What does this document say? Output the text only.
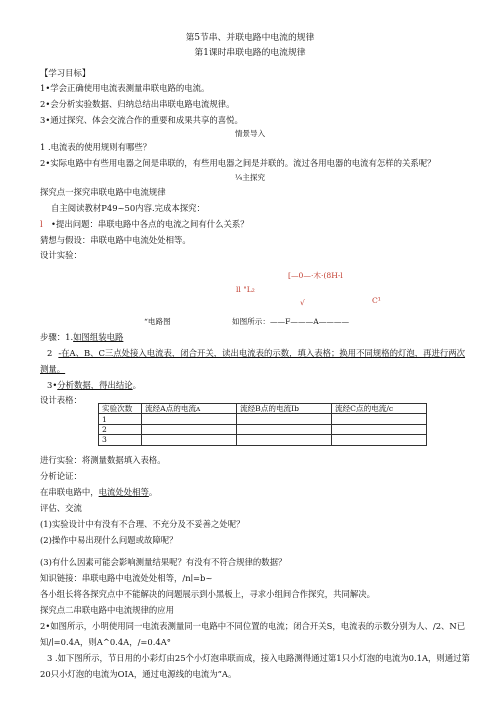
第5节串、并联电路中电流的规律
第1课时串联电路的电流规律
【学习目标】
1•学会正确使用电流表测量串联电路的电流。
2•会分析实验数据、归纳总结出串联电路电流规律。
3•通过探究、体会交流合作的重要和成果共享的喜悦。
情景导入
1 .电流表的使用规则有哪些？
2•实际电路中有些用电器之间是串联的，有些用电器之间是并联的。流过各用电器的电流有怎样的关系呢？
¼主探究
探究点一探究串联电路中电流规律
自主阅读教材P49~50内容.完成本探究：
l •提出问题：串联电路中各点的电流之间有什么关系？
猜想与假设：串联电路中电流处处相等。
设计实验：
[—0—·木·(8H-l
ll "L₂
√	C¹
“电路图	如图所示：——F———A————
步骤：1.如图组装电路
2 -在A、B、C三点处接入电流表，闭合开关，读出电流表的示数，填入表格；换用不同规格的灯泡，再进行两次
测量。
3•分析数据，得出结论。
设计表格：
实验次数	流经A点的电流ʌ	流经B点的电流Ib	流经C点的电流/c
1			
2			
3			
进行实验：将测量数据填入表格。
分析论证：
在串联电路中，电流处处相等。
评估、交流
(1)实验设计中有没有不合理、不充分及不妥善之处呢？
(2)操作中易出现什么问题或故障呢？
(3)有什么因素可能会影响测量结果呢？有没有不符合规律的数据？
知识链接：串联电路中电流处处相等，∕n∣=b~
各小组长将各探究点中不能解决的问题展示到小黑板上，寻求小组间合作探究，共同解决。
探究点二串联电路中电流规律的应用
2•如图所示，小明使用同一电流表测量同一电路中不同位置的电流；闭合开关S，电流表的示数分别为人、/2、N已
知/∣=0.4A，则A^0.4A，/=0.4A°
3 .如下图所示，节日用的小彩灯由25个小灯泡串联而成，接入电路测得通过第1只小灯泡的电流为0.1A，则通过第
20只小灯泡的电流为OIA，通过电源线的电流为”A。
